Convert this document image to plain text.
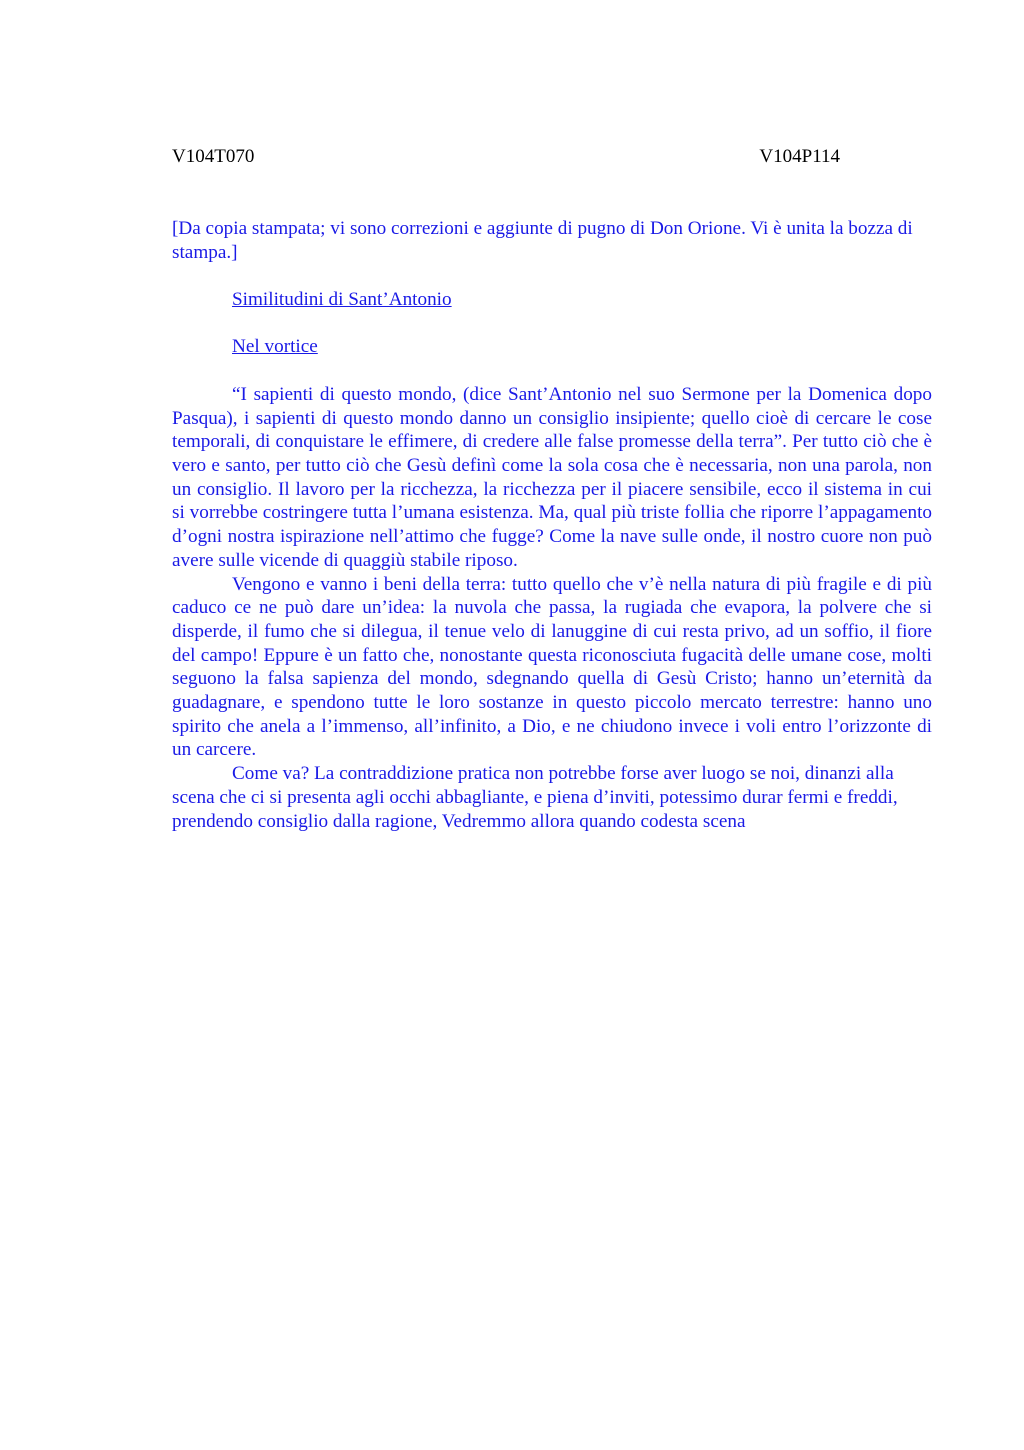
V104T070	V104P114

[Da copia stampata; vi sono correzioni e aggiunte di pugno di Don Orione. Vi è unita la bozza di stampa.]

Similitudini di Sant’Antonio

Nel vortice

“I sapienti di questo mondo, (dice Sant’Antonio nel suo Sermone per la Domenica dopo Pasqua), i sapienti di questo mondo danno un consiglio insipiente; quello cioè di cercare le cose temporali, di conquistare le effimere, di credere alle false promesse della terra”. Per tutto ciò che è vero e santo, per tutto ciò che Gesù definì come la sola cosa che è necessaria, non una parola, non un consiglio. Il lavoro per la ricchezza, la ricchezza per il piacere sensibile, ecco il sistema in cui si vorrebbe costringere tutta l’umana esistenza. Ma, qual più triste follia che riporre l’appagamento d’ogni nostra ispirazione nell’attimo che fugge? Come la nave sulle onde, il nostro cuore non può avere sulle vicende di quaggiù stabile riposo.

Vengono e vanno i beni della terra: tutto quello che v’è nella natura di più fragile e di più caduco ce ne può dare un’idea: la nuvola che passa, la rugiada che evapora, la polvere che si disperde, il fumo che si dilegua, il tenue velo di lanuggine di cui resta privo, ad un soffio, il fiore del campo! Eppure è un fatto che, nonostante questa riconosciuta fugacità delle umane cose, molti seguono la falsa sapienza del mondo, sdegnando quella di Gesù Cristo; hanno un’eternità da guadagnare, e spendono tutte le loro sostanze in questo piccolo mercato terrestre: hanno uno spirito che anela a l’immenso, all’infinito, a Dio, e ne chiudono invece i voli entro l’orizzonte di un carcere.

Come va? La contraddizione pratica non potrebbe forse aver luogo se noi, dinanzi alla scena che ci si presenta agli occhi abbagliante, e piena d’inviti, potessimo durar fermi e freddi, prendendo consiglio dalla ragione, Vedremmo allora quando codesta scena
